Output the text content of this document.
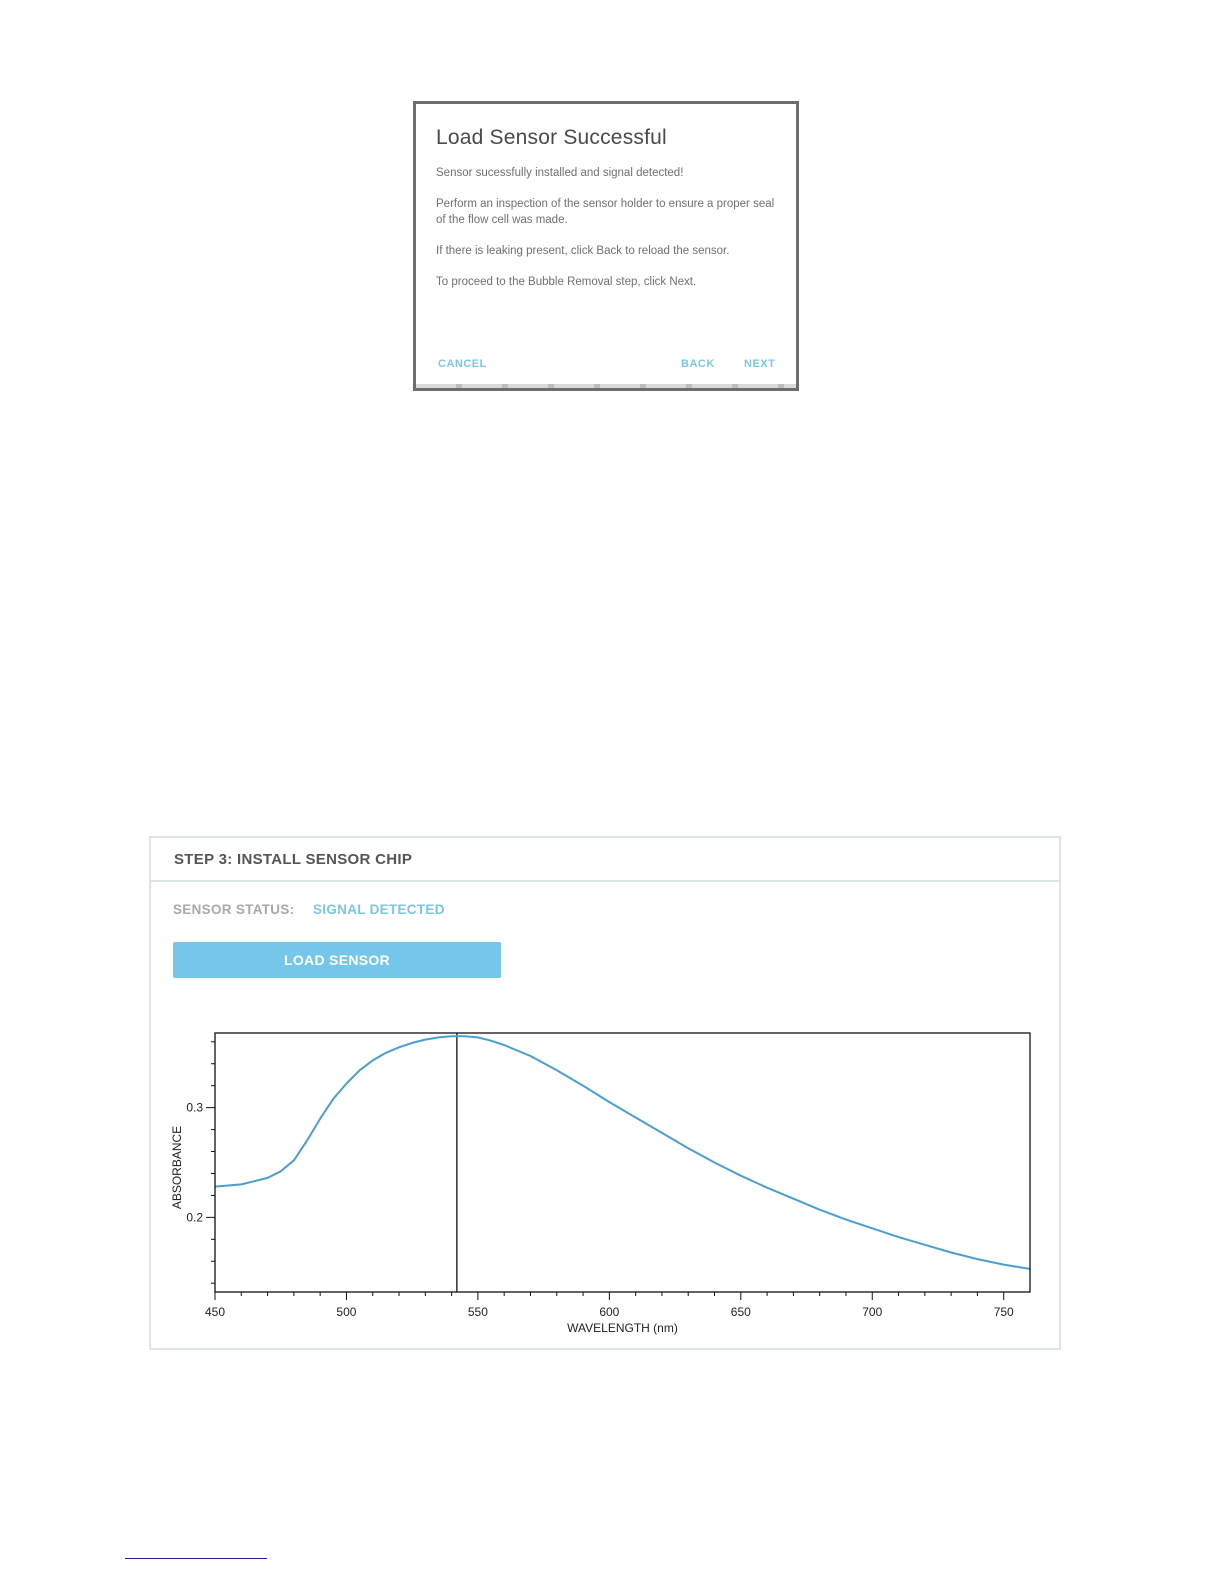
Load Sensor Successful
Sensor sucessfully installed and signal detected!
Perform an inspection of the sensor holder to ensure a proper seal of the flow cell was made.
If there is leaking present, click Back to reload the sensor.
To proceed to the Bubble Removal step, click Next.
CANCEL	BACK	NEXT
STEP 3: INSTALL SENSOR CHIP
SENSOR STATUS: SIGNAL DETECTED
LOAD SENSOR
450	500	550	600	650	700	750
0.2
0.3
WAVELENGTH (nm)
ABSORBANCE
